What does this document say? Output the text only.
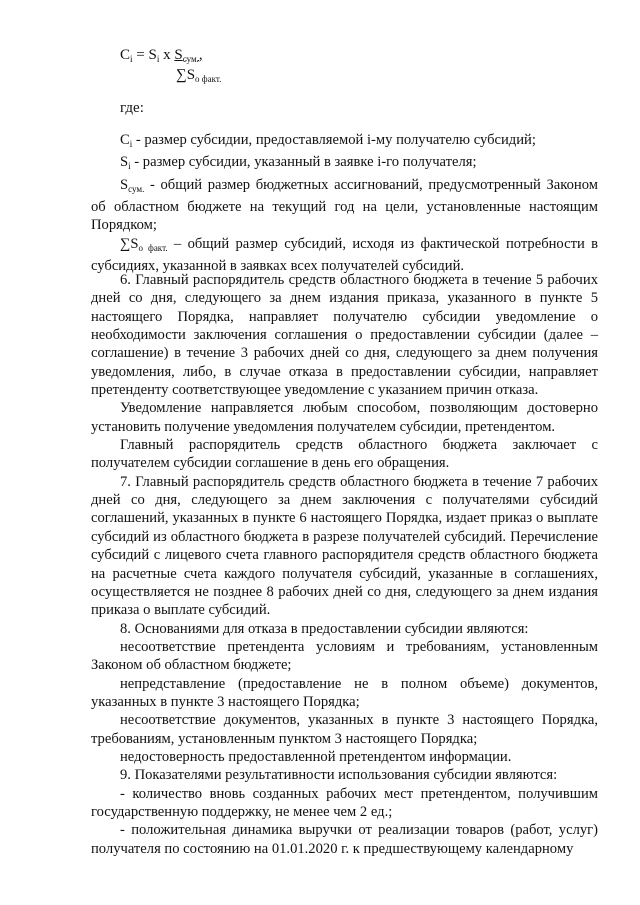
$C_i = S_i$ x $S_{сум.}$,
$\sum S_{о факт.}$
где:

$C_i$ - размер субсидии, предоставляемой i-му получателю субсидий;

$S_i$ - размер субсидии, указанный в заявке i-го получателя;

$S_{сум.}$ - общий размер бюджетных ассигнований, предусмотренный Законом об областном бюджете на текущий год на цели, установленные настоящим Порядком;

$\sum S_{о факт.}$ – общий размер субсидий, исходя из фактической потребности в субсидиях, указанной в заявках всех получателей субсидий.

6. Главный распорядитель средств областного бюджета в течение 5 рабочих дней со дня, следующего за днем издания приказа, указанного в пункте 5 настоящего Порядка, направляет получателю субсидии уведомление о необходимости заключения соглашения о предоставлении субсидии (далее – соглашение) в течение 3 рабочих дней со дня, следующего за днем получения уведомления, либо, в случае отказа в предоставлении субсидии, направляет претенденту соответствующее уведомление с указанием причин отказа.

Уведомление направляется любым способом, позволяющим достоверно установить получение уведомления получателем субсидии, претендентом.

Главный распорядитель средств областного бюджета заключает с получателем субсидии соглашение в день его обращения.

7. Главный распорядитель средств областного бюджета в течение 7 рабочих дней со дня, следующего за днем заключения с получателями субсидий соглашений, указанных в пункте 6 настоящего Порядка, издает приказ о выплате субсидий из областного бюджета в разрезе получателей субсидий. Перечисление субсидий с лицевого счета главного распорядителя средств областного бюджета на расчетные счета каждого получателя субсидий, указанные в соглашениях, осуществляется не позднее 8 рабочих дней со дня, следующего за днем издания приказа о выплате субсидий.

8. Основаниями для отказа в предоставлении субсидии являются:

несоответствие претендента условиям и требованиям, установленным Законом об областном бюджете;

непредставление (предоставление не в полном объеме) документов, указанных в пункте 3 настоящего Порядка;

несоответствие документов, указанных в пункте 3 настоящего Порядка, требованиям, установленным пунктом 3 настоящего Порядка;

недостоверность предоставленной претендентом информации.

9. Показателями результативности использования субсидии являются:

- количество вновь созданных рабочих мест претендентом, получившим государственную поддержку, не менее чем 2 ед.;

- положительная динамика выручки от реализации товаров (работ, услуг) получателя по состоянию на 01.01.2020 г. к предшествующему календарному
